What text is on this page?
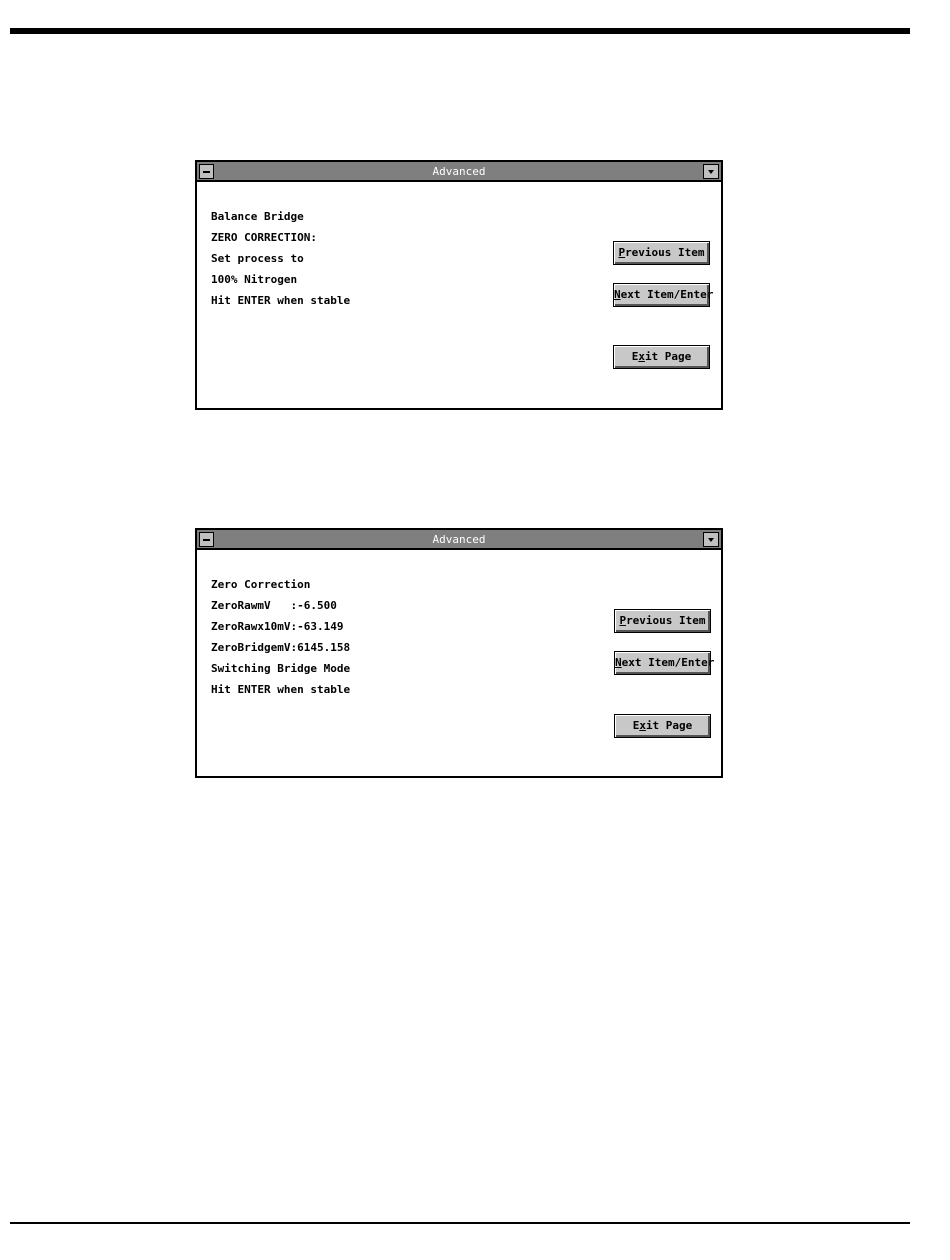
Advanced
Balance Bridge
ZERO CORRECTION:
Set process to
100% Nitrogen
Hit ENTER when stable
Previous Item
Next Item/Enter
Exit Page
Advanced
Zero Correction
ZeroRawmV   :-6.500
ZeroRawx10mV:-63.149
ZeroBridgemV:6145.158
Switching Bridge Mode
Hit ENTER when stable
Previous Item
Next Item/Enter
Exit Page
